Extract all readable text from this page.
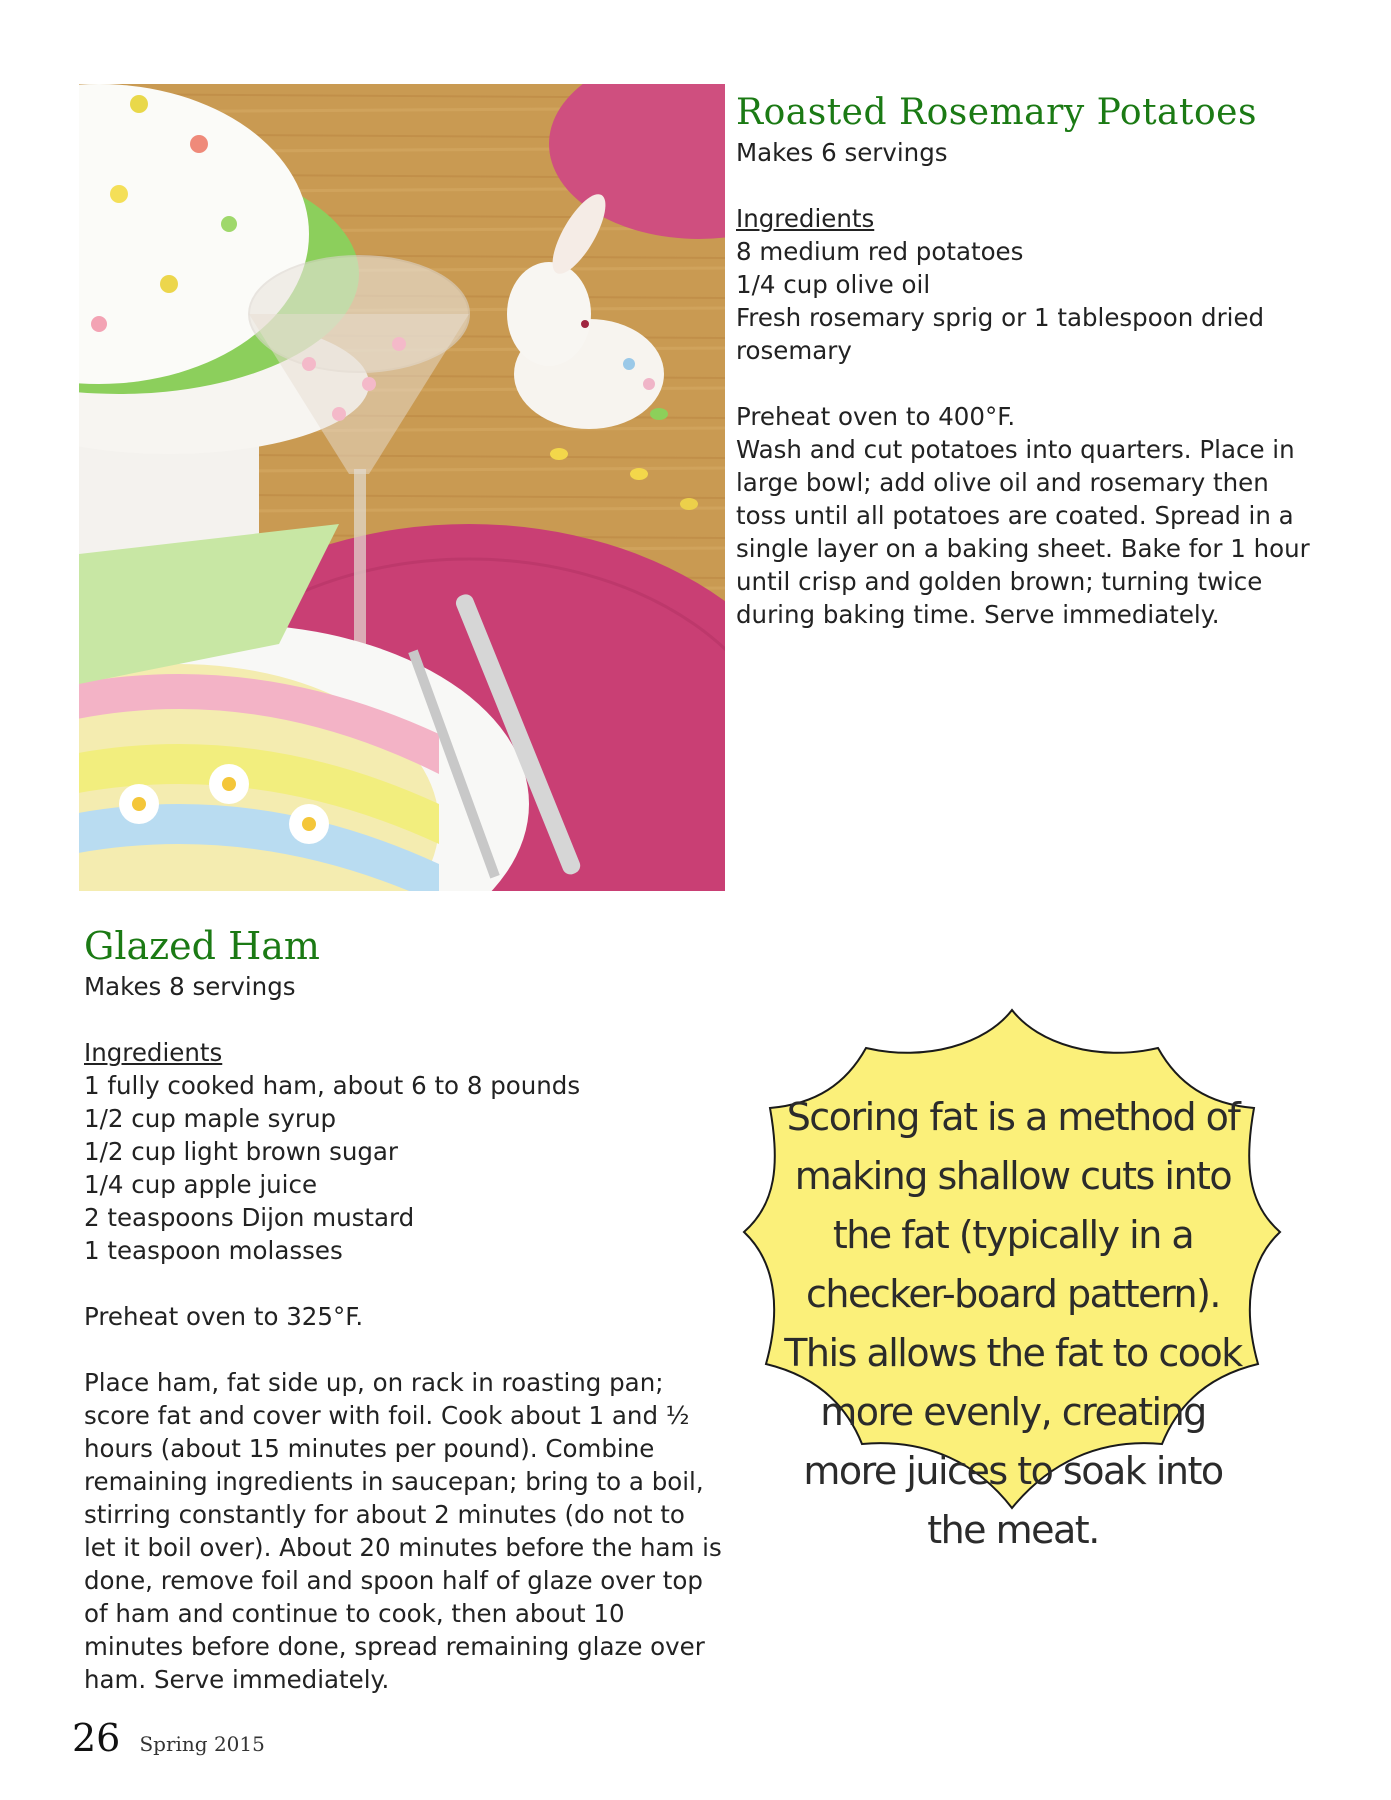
Roasted Rosemary Potatoes
Makes 6 servings
Ingredients
8 medium red potatoes
1/4 cup olive oil
Fresh rosemary sprig or 1 tablespoon dried rosemary
Preheat oven to 400°F.
Wash and cut potatoes into quarters. Place in large bowl; add olive oil and rosemary then toss until all potatoes are coated. Spread in a single layer on a baking sheet. Bake for 1 hour until crisp and golden brown; turning twice during baking time. Serve immediately.
Glazed Ham
Makes 8 servings
Ingredients
1 fully cooked ham, about 6 to 8 pounds
1/2 cup maple syrup
1/2 cup light brown sugar
1/4 cup apple juice
2 teaspoons Dijon mustard
1 teaspoon molasses
Preheat oven to 325°F.
Place ham, fat side up, on rack in roasting pan; score fat and cover with foil. Cook about 1 and ½ hours (about 15 minutes per pound). Combine remaining ingredients in saucepan; bring to a boil, stirring constantly for about 2 minutes (do not to let it boil over). About 20 minutes before the ham is done, remove foil and spoon half of glaze over top of ham and continue to cook, then about 10 minutes before done, spread remaining glaze over ham. Serve immediately.
Scoring fat is a method of making shallow cuts into the fat (typically in a checker-board pattern). This allows the fat to cook more evenly, creating more juices to soak into the meat.
26 Spring 2015
